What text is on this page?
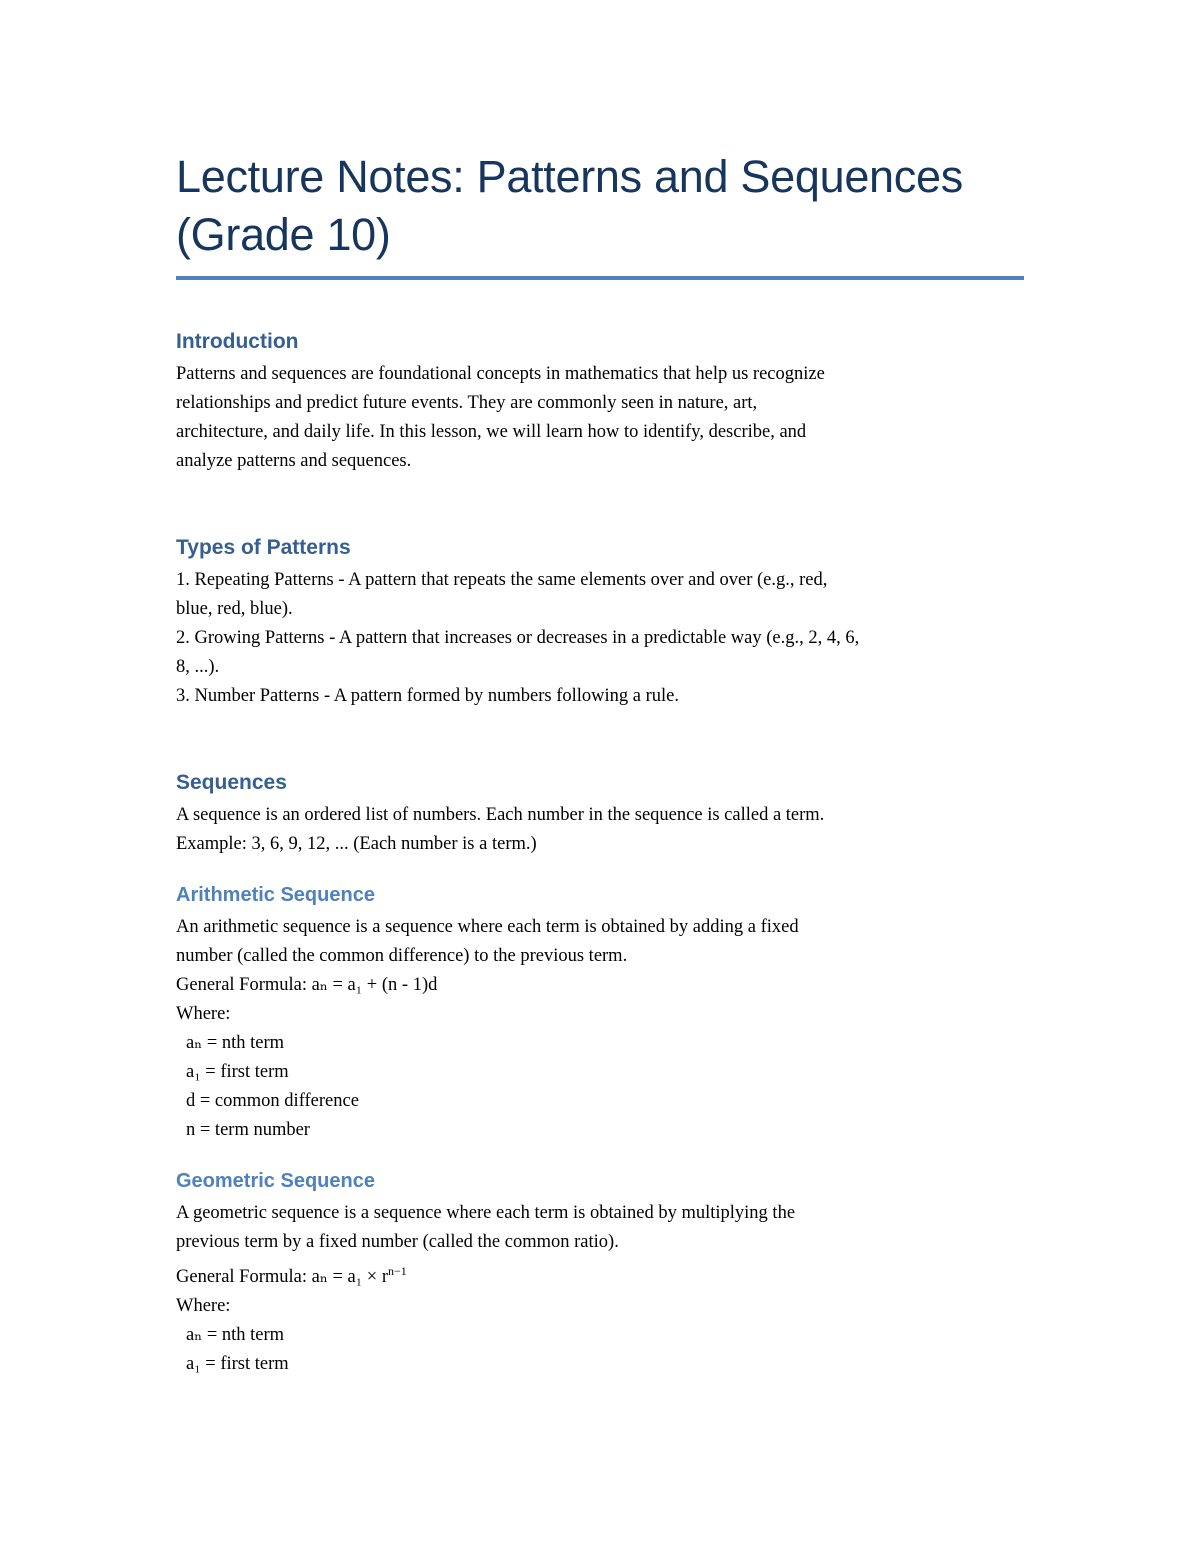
Lecture Notes: Patterns and Sequences
(Grade 10)
Introduction
Patterns and sequences are foundational concepts in mathematics that help us recognize
relationships and predict future events. They are commonly seen in nature, art,
architecture, and daily life. In this lesson, we will learn how to identify, describe, and
analyze patterns and sequences.
Types of Patterns
1. Repeating Patterns - A pattern that repeats the same elements over and over (e.g., red,
blue, red, blue).
2. Growing Patterns - A pattern that increases or decreases in a predictable way (e.g., 2, 4, 6,
8, ...).
3. Number Patterns - A pattern formed by numbers following a rule.
Sequences
A sequence is an ordered list of numbers. Each number in the sequence is called a term.
Example: 3, 6, 9, 12, ... (Each number is a term.)
Arithmetic Sequence
An arithmetic sequence is a sequence where each term is obtained by adding a fixed
number (called the common difference) to the previous term.
General Formula: aₙ = a₁ + (n - 1)d
Where:
aₙ = nth term
a₁ = first term
d = common difference
n = term number
Geometric Sequence
A geometric sequence is a sequence where each term is obtained by multiplying the
previous term by a fixed number (called the common ratio).
General Formula: $a_n = a_1 \times r^{n-1}$
Where:
aₙ = nth term
a₁ = first term
